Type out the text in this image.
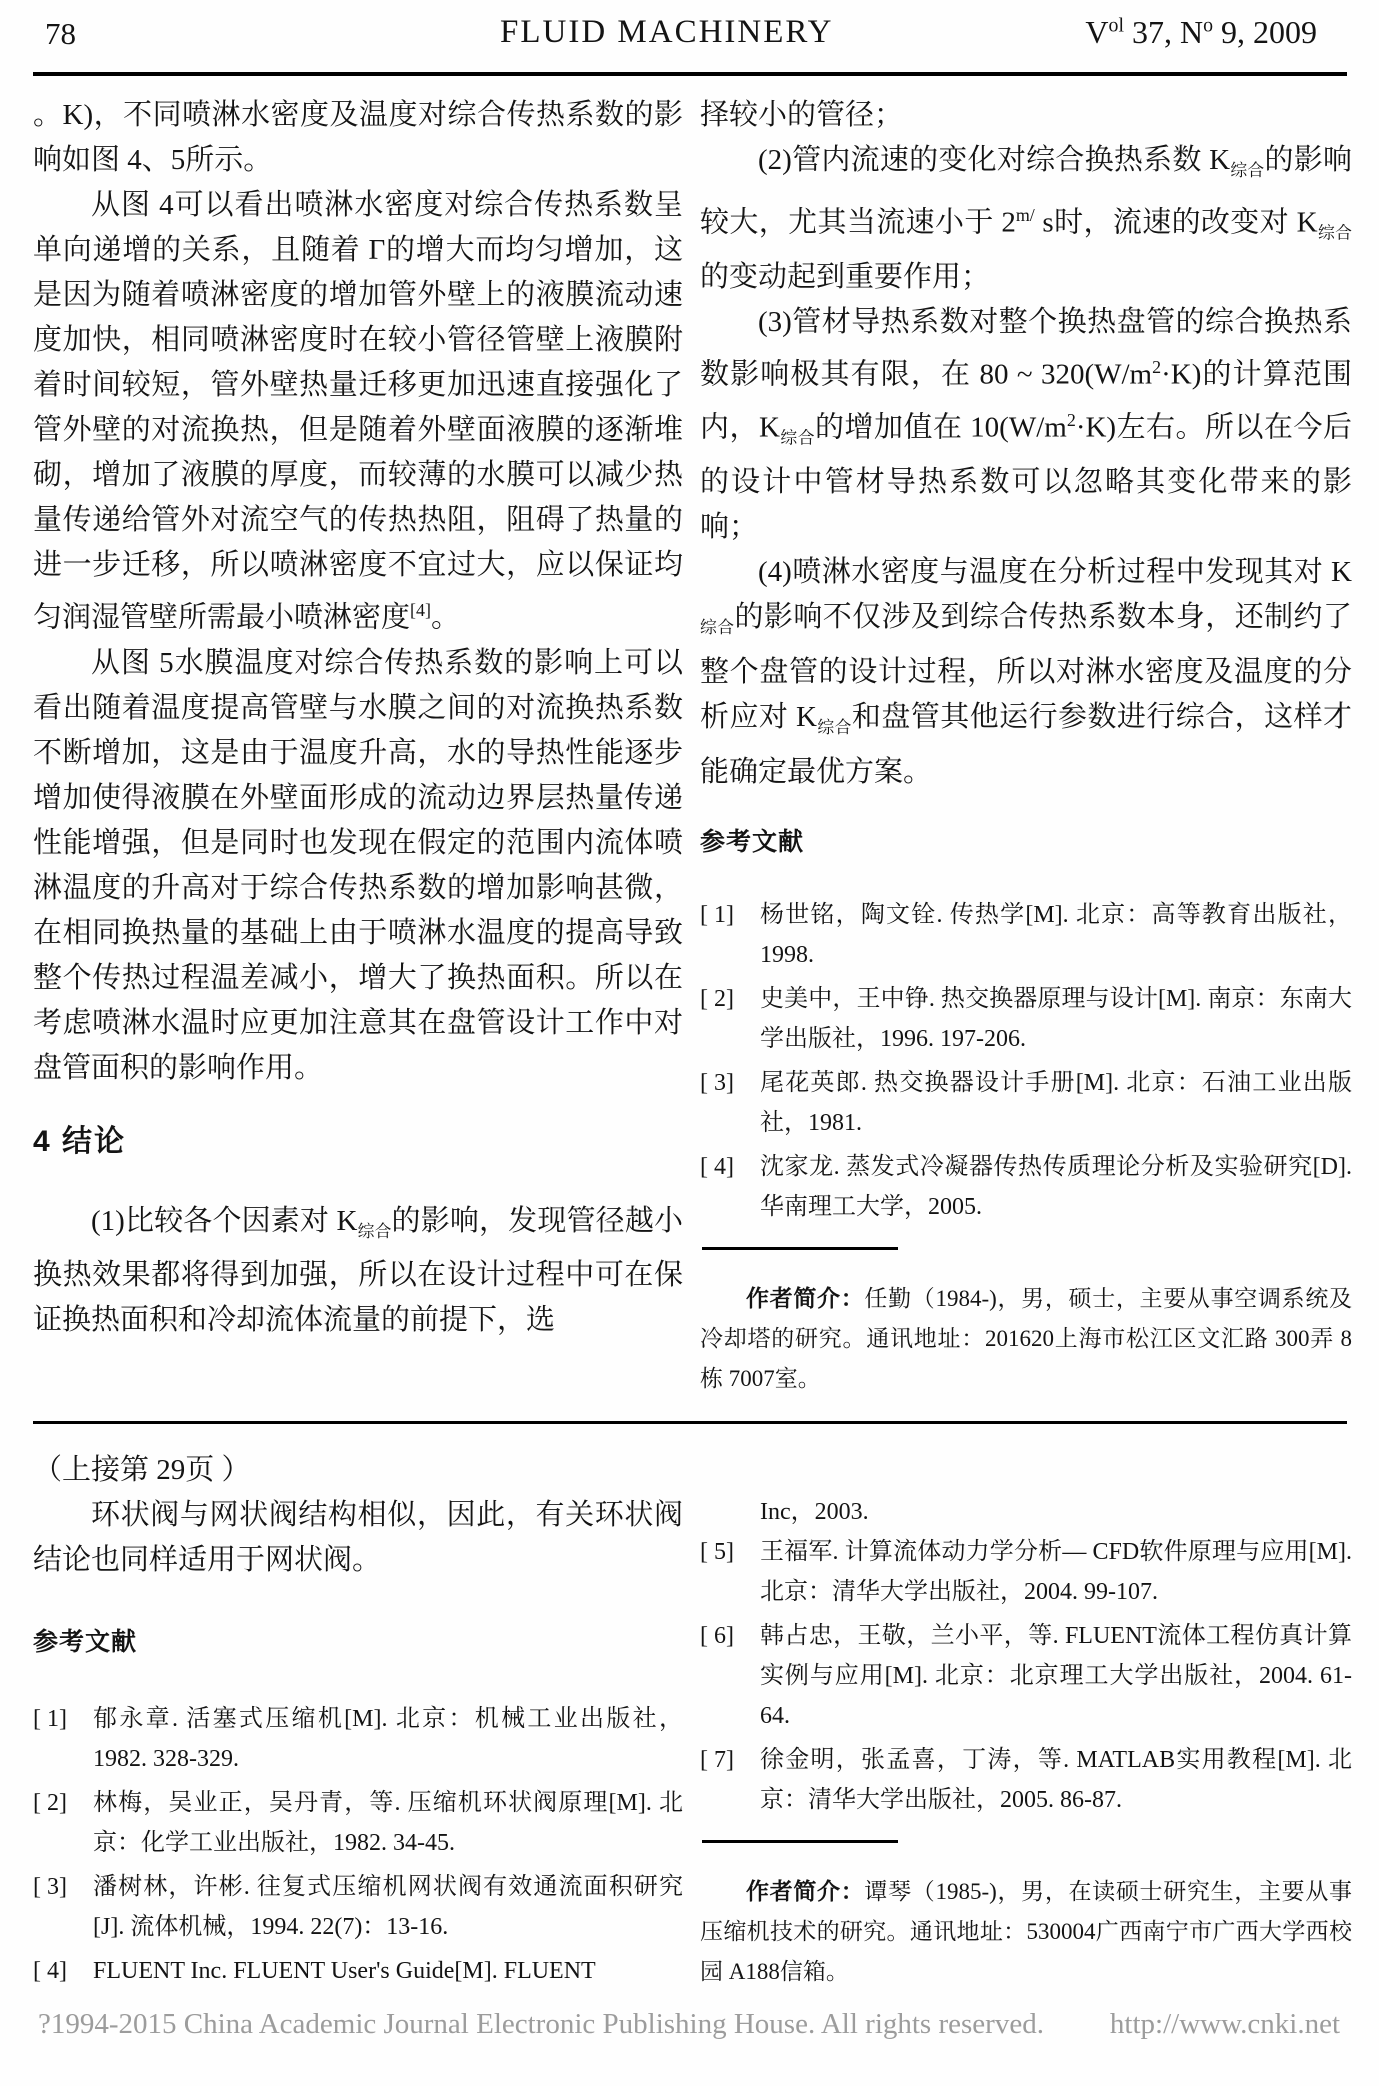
78	FLUID MACHINERY	$V^{ol}$ 37, $N^o$ 9, 2009

。K)，不同喷淋水密度及温度对综合传热系数的影响如图 4、5所示。

从图 4可以看出喷淋水密度对综合传热系数呈单向递增的关系，且随着 Γ的增大而均匀增加，这是因为随着喷淋密度的增加管外壁上的液膜流动速度加快，相同喷淋密度时在较小管径管壁上液膜附着时间较短，管外壁热量迁移更加迅速直接强化了管外壁的对流换热，但是随着外壁面液膜的逐渐堆砌，增加了液膜的厚度，而较薄的水膜可以减少热量传递给管外对流空气的传热热阻，阻碍了热量的进一步迁移，所以喷淋密度不宜过大，应以保证均匀润湿管壁所需最小喷淋密度[4]。

从图 5水膜温度对综合传热系数的影响上可以看出随着温度提高管壁与水膜之间的对流换热系数不断增加，这是由于温度升高，水的导热性能逐步增加使得液膜在外壁面形成的流动边界层热量传递性能增强，但是同时也发现在假定的范围内流体喷淋温度的升高对于综合传热系数的增加影响甚微，在相同换热量的基础上由于喷淋水温度的提高导致整个传热过程温差减小，增大了换热面积。所以在考虑喷淋水温时应更加注意其在盘管设计工作中对盘管面积的影响作用。

4 结论

(1)比较各个因素对 $K_{综合}$的影响，发现管径越小换热效果都将得到加强，所以在设计过程中可在保证换热面积和冷却流体流量的前提下，选

择较小的管径；

(2)管内流速的变化对综合换热系数 $K_{综合}$的影响较大，尤其当流速小于 $2^{m/}$ s时，流速的改变对 $K_{综合}$的变动起到重要作用；

(3)管材导热系数对整个换热盘管的综合换热系数影响极其有限，在 80 ~ $320(W/m^2\cdot K)$的计算范围内，$K_{综合}$的增加值在 $10(W/m^2\cdot K)$左右。所以在今后的设计中管材导热系数可以忽略其变化带来的影响；

(4)喷淋水密度与温度在分析过程中发现其对 $K_{综合}$的影响不仅涉及到综合传热系数本身，还制约了整个盘管的设计过程，所以对淋水密度及温度的分析应对 $K_{综合}$和盘管其他运行参数进行综合，这样才能确定最优方案。

参考文献

[ 1]	杨世铭，陶文铨. 传热学[M]. 北京：高等教育出版社，1998.
[ 2]	史美中，王中铮. 热交换器原理与设计[M]. 南京：东南大学出版社，1996. 197-206.
[ 3]	尾花英郎. 热交换器设计手册[M]. 北京：石油工业出版社，1981.
[ 4]	沈家龙. 蒸发式冷凝器传热传质理论分析及实验研究[D]. 华南理工大学，2005.

作者简介：任勤（1984-)，男，硕士，主要从事空调系统及冷却塔的研究。通讯地址：201620上海市松江区文汇路 300弄 8栋 7007室。

（上接第 29页 ）

环状阀与网状阀结构相似，因此，有关环状阀结论也同样适用于网状阀。

参考文献

[ 1]	郁永章. 活塞式压缩机[M]. 北京：机械工业出版社，1982. 328-329.
[ 2]	林梅，吴业正，吴丹青，等. 压缩机环状阀原理[M]. 北京：化学工业出版社，1982. 34-45.
[ 3]	潘树林，许彬. 往复式压缩机网状阀有效通流面积研究[J]. 流体机械，1994. 22(7)：13-16.
[ 4]	FLUENT Inc. FLUENT User's Guide[M]. FLUENT

Inc，2003.

[ 5]	王福军. 计算流体动力学分析— CFD软件原理与应用[M]. 北京：清华大学出版社，2004. 99-107.
[ 6]	韩占忠，王敬，兰小平，等. FLUENT流体工程仿真计算实例与应用[M]. 北京：北京理工大学出版社，2004. 61-64.
[ 7]	徐金明，张孟喜，丁涛，等. MATLAB实用教程[M]. 北京：清华大学出版社，2005. 86-87.

作者简介：谭琴（1985-)，男，在读硕士研究生，主要从事压缩机技术的研究。通讯地址：530004广西南宁市广西大学西校园 A188信箱。

?1994-2015 China Academic Journal Electronic Publishing House. All rights reserved. http://www.cnki.net
